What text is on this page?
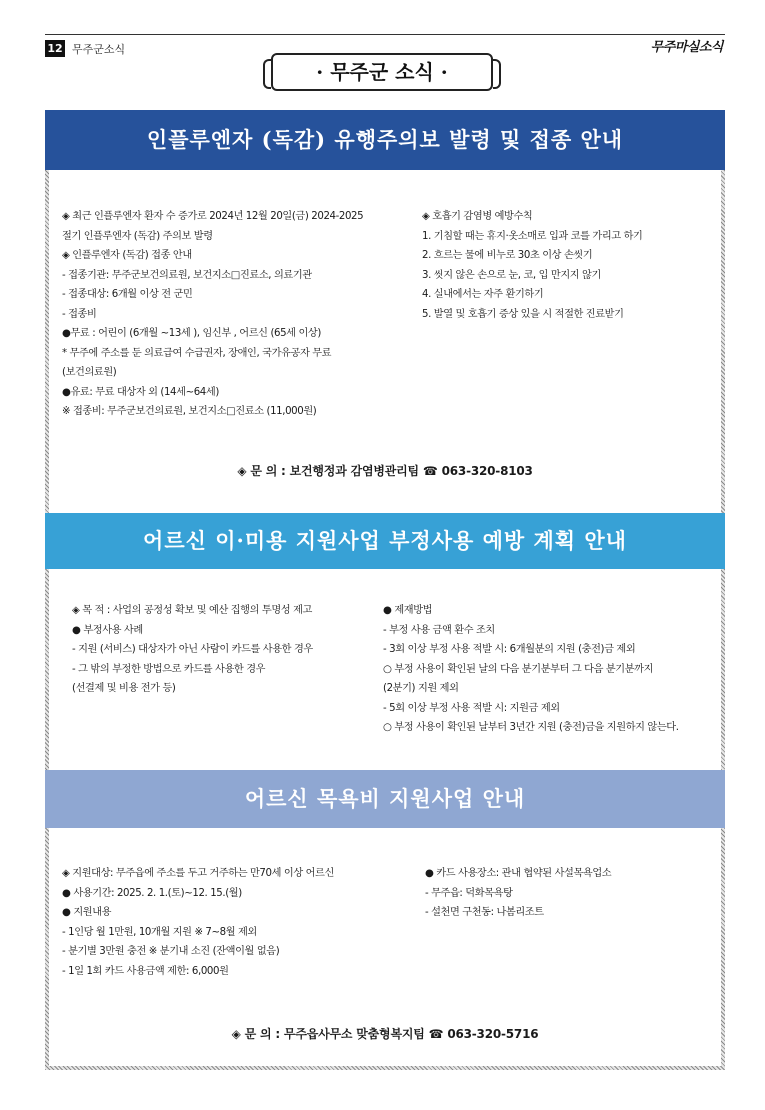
12 무주군소식	무주마실소식
· 무주군 소식 ·
인플루엔자 (독감) 유행주의보 발령 및 접종 안내
◈ 최근 인플루엔자 환자 수 증가로 2024년 12월 20일(금) 2024-2025
절기 인플루엔자 (독감) 주의보 발령
◈ 인플루엔자 (독감) 접종 안내
- 접종기관: 무주군보건의료원, 보건지소□진료소, 의료기관
- 접종대상: 6개월 이상 전 군민
- 접종비
●무료 : 어린이 (6개월 ~13세 ), 임신부 , 어르신 (65세 이상)
* 무주에 주소를 둔 의료급여 수급권자, 장애인, 국가유공자 무료
(보건의료원)
●유료: 무료 대상자 외 (14세~64세)
※ 접종비: 무주군보건의료원, 보건지소□진료소 (11,000원)
◈ 호흡기 감염병 예방수칙
1. 기침할 때는 휴지·옷소매로 입과 코를 가리고 하기
2. 흐르는 물에 비누로 30초 이상 손씻기
3. 씻지 않은 손으로 눈, 코, 입 만지지 않기
4. 실내에서는 자주 환기하기
5. 발열 및 호흡기 증상 있을 시 적절한 진료받기
◈ 문 의 : 보건행정과 감염병관리팀 ☎ 063-320-8103
어르신 이·미용 지원사업 부정사용 예방 계획 안내
◈ 목 적 : 사업의 공정성 확보 및 예산 집행의 투명성 제고
● 부정사용 사례
- 지원 (서비스) 대상자가 아닌 사람이 카드를 사용한 경우
- 그 밖의 부정한 방법으로 카드를 사용한 경우
(선결제 및 비용 전가 등)
● 제재방법
- 부정 사용 금액 환수 조치
- 3회 이상 부정 사용 적발 시: 6개월분의 지원 (충전)금 제외
○ 부정 사용이 확인된 날의 다음 분기분부터 그 다음 분기분까지
(2분기) 지원 제외
- 5회 이상 부정 사용 적발 시: 지원금 제외
○ 부정 사용이 확인된 날부터 3년간 지원 (충전)금을 지원하지 않는다.
어르신 목욕비 지원사업 안내
◈ 지원대상: 무주읍에 주소를 두고 거주하는 만70세 이상 어르신
● 사용기간: 2025. 2. 1.(토)~12. 15.(월)
● 지원내용
- 1인당 월 1만원, 10개월 지원 ※ 7~8월 제외
- 분기별 3만원 충전 ※ 분기내 소진 (잔액이월 없음)
- 1일 1회 카드 사용금액 제한: 6,000원
● 카드 사용장소: 관내 협약된 사설목욕업소
- 무주읍: 덕화목욕탕
- 설천면 구천동: 나봄리조트
◈ 문 의 : 무주읍사무소 맞춤형복지팀 ☎ 063-320-5716
